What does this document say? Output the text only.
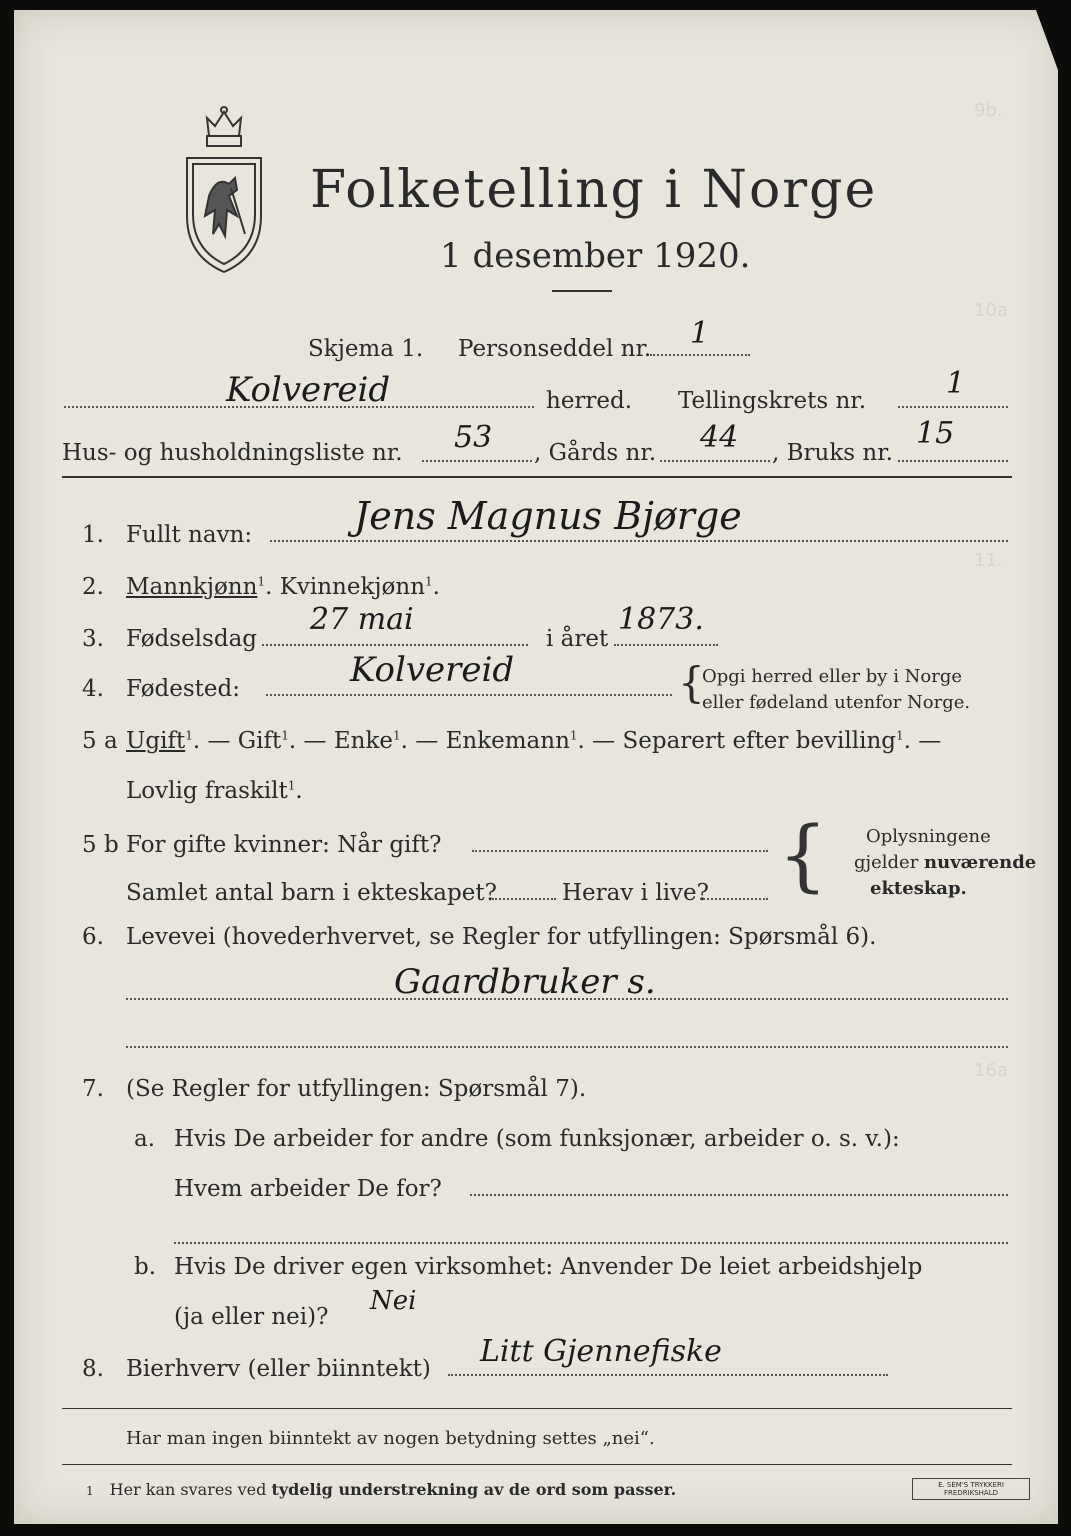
9b.
10a
11.
16a
Folketelling i Norge
1 desember 1920.
Skjema 1. Personseddel nr. 1
Kolvereid	herred. Tellingskrets nr.	1
Hus- og husholdningsliste nr. 53 , Gårds nr. 44 , Bruks nr.
15
1. Fullt navn:	Jens Magnus Bjørge
2. Mannkjønn$^1$. Kvinnekjønn$^1$.
3. Fødselsdag
27 mai
i året
1873.
4. Fødested:	Kolvereid	{
Opgi herred eller by i Norge
eller fødeland utenfor Norge.
5 a Ugift$^1$. — Gift$^1$. — Enke$^1$. — Enkemann$^1$. — Separert efter bevilling$^1$. —
Lovlig fraskilt$^1$.
5 b For gifte kvinner: Når gift?
Samlet antal barn i ekteskapet?	Herav i live? { Oplysningene
gjelder nuværende
ekteskap.
6. Levevei (hovederhvervet, se Regler for utfyllingen: Spørsmål 6).
Gaardbruker s.
7. (Se Regler for utfyllingen: Spørsmål 7).
a. Hvis De arbeider for andre (som funksjonær, arbeider o. s. v.):
Hvem arbeider De for?
b. Hvis De driver egen virksomhet: Anvender De leiet arbeidshjelp
(ja eller nei)?
Nei
8. Bierhverv (eller biinntekt) Litt Gjennefiske
Har man ingen biinntekt av nogen betydning settes „nei“.
1 Her kan svares ved tydelig understrekning av de ord som passer.	E. SEM'S TRYKKERI FREDRIKSHALD
